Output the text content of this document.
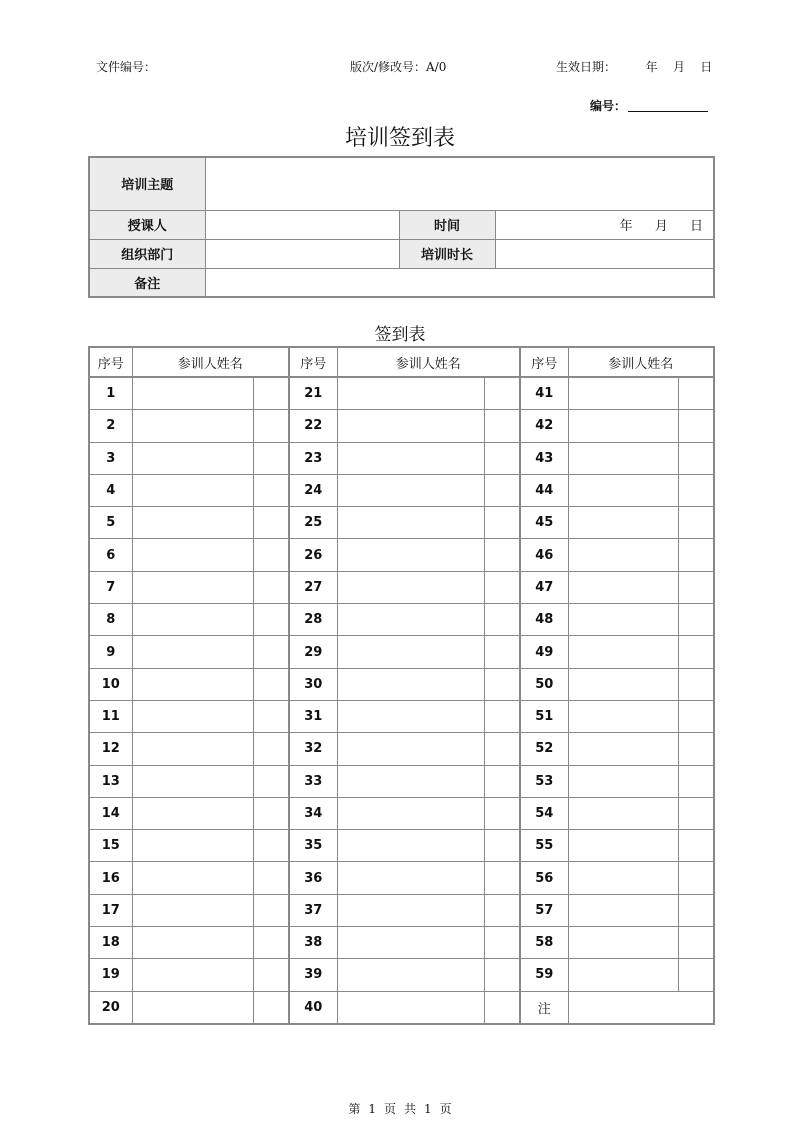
文件编号：	版次/修改号：A/0	生效日期： 年 月 日
编号：
培训签到表
培训主题			
授课人		时间	年 月 日
组织部门		培训时长	
备注			
签到表
序号	参训人姓名		序号	参训人姓名		序号	参训人姓名	
1			21			41		
2			22			42		
3			23			43		
4			24			44		
5			25			45		
6			26			46		
7			27			47		
8			28			48		
9			29			49		
10			30			50		
11			31			51		
12			32			52		
13			33			53		
14			34			54		
15			35			55		
16			36			56		
17			37			57		
18			38			58		
19			39			59		
20			40			注		
第 1 页 共 1 页
